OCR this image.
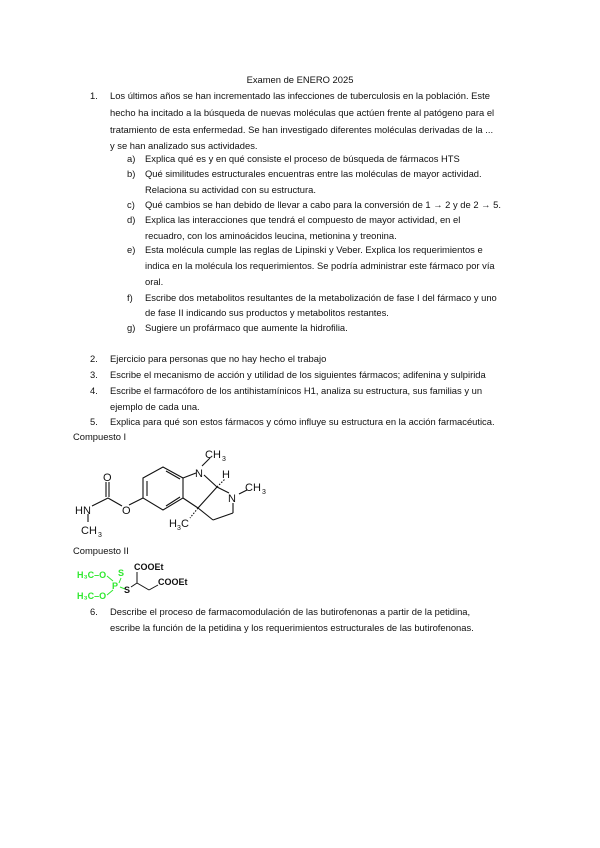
Examen de ENERO 2025
1. Los últimos años se han incrementado las infecciones de tuberculosis en la población. Este
hecho ha incitado a la búsqueda de nuevas moléculas que actúen frente al patógeno para el
tratamiento de esta enfermedad. Se han investigado diferentes moléculas derivadas de la ...
y se han analizado sus actividades.
a) Explica qué es y en qué consiste el proceso de búsqueda de fármacos HTS
b) Qué similitudes estructurales encuentras entre las moléculas de mayor actividad.
Relaciona su actividad con su estructura.
c) Qué cambios se han debido de llevar a cabo para la conversión de 1 → 2 y de 2 → 5.
d) Explica las interacciones que tendrá el compuesto de mayor actividad, en el
recuadro, con los aminoácidos leucina, metionina y treonina.
e) Esta molécula cumple las reglas de Lipinski y Veber. Explica los requerimientos e
indica en la molécula los requerimientos. Se podría administrar este fármaco por vía
oral.
f) Escribe dos metabolitos resultantes de la metabolización de fase I del fármaco y uno
de fase II indicando sus productos y metabolitos restantes.
g) Sugiere un profármaco que aumente la hidrofilia.
2. Ejercicio para personas que no hay hecho el trabajo
3. Escribe el mecanismo de acción y utilidad de los siguientes fármacos; adifenina y sulpirida
4. Escribe el farmacóforo de los antihistamínicos H1, analiza su estructura, sus familias y un
ejemplo de cada una.
5. Explica para qué son estos fármacos y cómo influye su estructura en la acción farmacéutica.
Compuesto I
Compuesto II
O
O
HN
CH 3
N
CH 3
H
N
CH 3
H 3 C
H₃C–O
H₃C–O
S
P S
COOEt
COOEt
6. Describe el proceso de farmacomodulación de las butirofenonas a partir de la petidina,
escribe la función de la petidina y los requerimientos estructurales de las butirofenonas.
